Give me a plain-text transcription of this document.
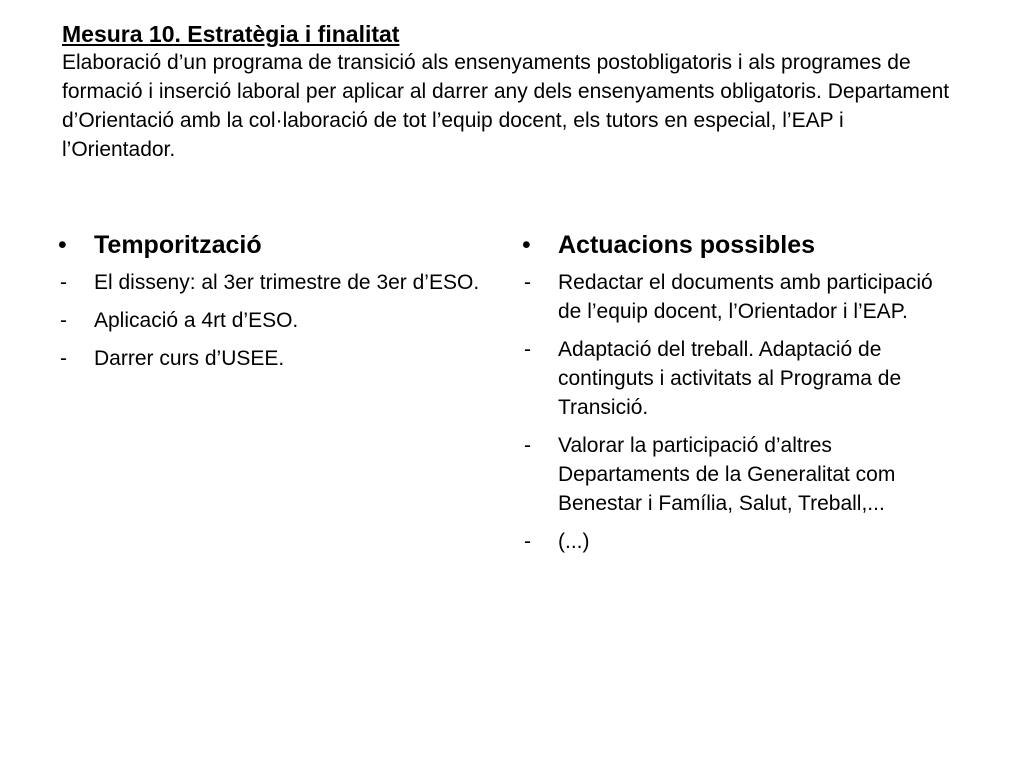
Mesura 10. Estratègia i finalitat

Elaboració d’un programa de transició als ensenyaments postobligatoris i als programes de formació i inserció laboral per aplicar al darrer any dels ensenyaments obligatoris. Departament d’Orientació amb la col·laboració de tot l’equip docent, els tutors en especial, l’EAP i l’Orientador.

•	Temporització
-	El disseny: al 3er trimestre de 3er d’ESO.
-	Aplicació a 4rt d’ESO.
-	Darrer curs d’USEE.
•	Actuacions possibles
-	Redactar el documents amb participació de l’equip docent, l’Orientador i l’EAP.
-	Adaptació del treball. Adaptació de continguts i activitats al Programa de Transició.
-	Valorar la participació d’altres Departaments de la Generalitat com Benestar i Família, Salut, Treball,...
-	(...)
